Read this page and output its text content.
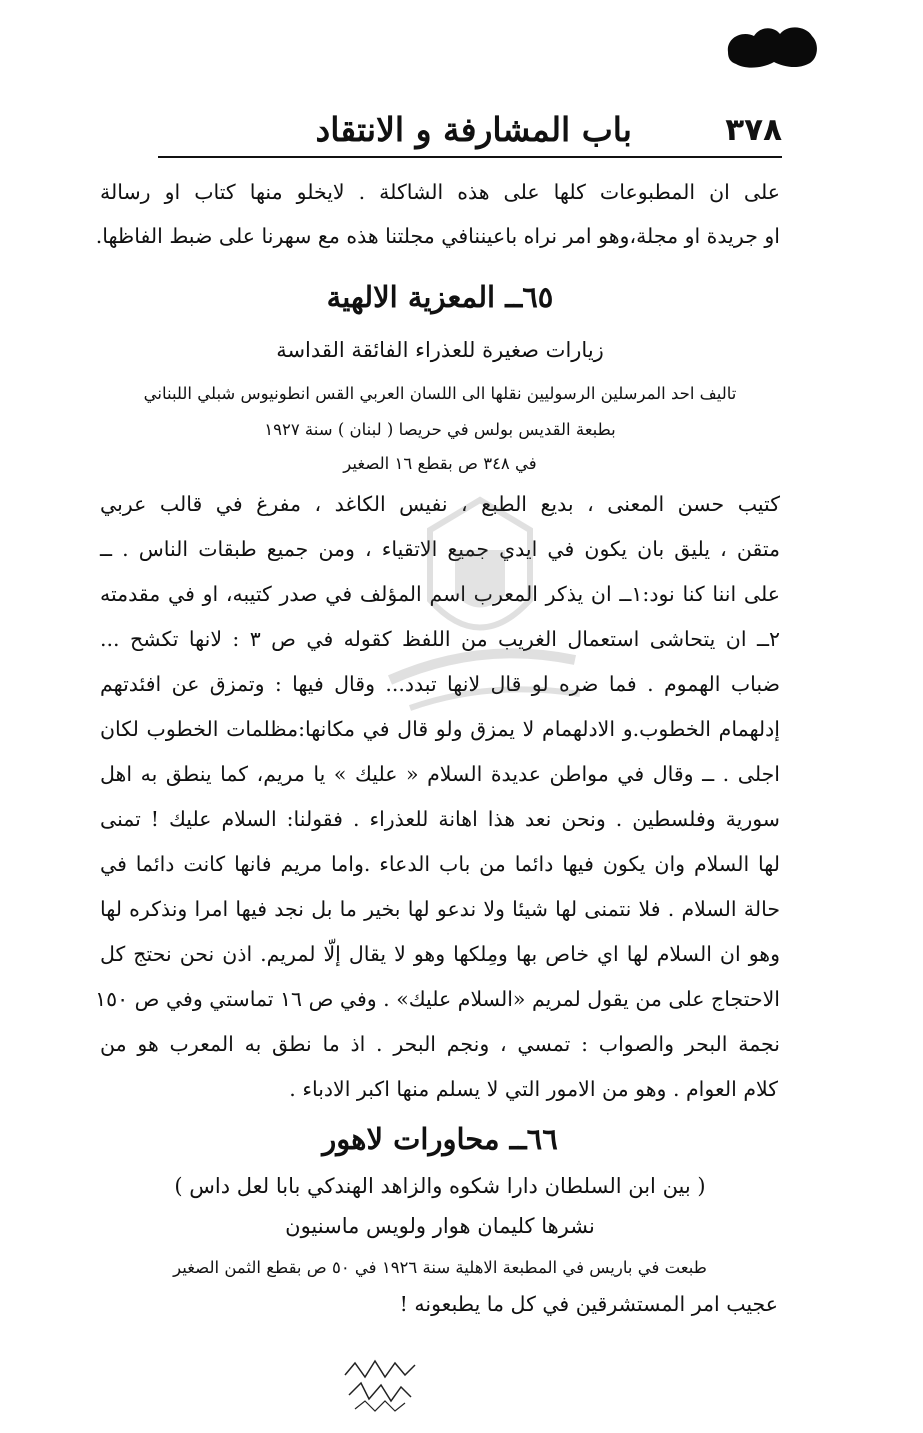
٣٧٨
باب المشارفة و الانتقاد
على ان المطبوعات كلها على هذه الشاكلة . لايخلو منها كتاب او رسالة
او جريدة او مجلة،وهو امر نراه باعيننافي مجلتنا هذه مع سهرنا على ضبط الفاظها.
٦٥ــ المعزية الالهية
زيارات صغيرة للعذراء الفائقة القداسة
تاليف احد المرسلين الرسوليين نقلها الى اللسان العربي القس انطونيوس شبلي اللبناني
بطبعة القديس بولس في حريصا ( لبنان ) سنة ١٩٢٧
في ٣٤٨ ص بقطع ١٦ الصغير
كتيب حسن المعنى ، بديع الطبع ، نفيس الكاغد ، مفرغ في قالب عربي
متقن ، يليق بان يكون في ايدي جميع الاتقياء ، ومن جميع طبقات الناس . ــ
على اننا كنا نود:١ــ ان يذكر المعرب اسم المؤلف في صدر كتيبه، او في مقدمته
٢ــ ان يتحاشى استعمال الغريب من اللفظ كقوله في ص ٣ : لانها تكشح ...
ضباب الهموم . فما ضره لو قال لانها تبدد... وقال فيها : وتمزق عن افئدتهم
إدلهمام الخطوب.و الادلهمام لا يمزق ولو قال في مكانها:مظلمات الخطوب لكان
اجلى . ــ وقال في مواطن عديدة السلام « عليك » يا مريم، كما ينطق به اهل
سورية وفلسطين . ونحن نعد هذا اهانة للعذراء . فقولنا: السلام عليك ! تمنى
لها السلام وان يكون فيها دائما من باب الدعاء .واما مريم فانها كانت دائما في
حالة السلام . فلا نتمنى لها شيئا ولا ندعو لها بخير ما بل نجد فيها امرا ونذكره لها
وهو ان السلام لها اي خاص بها ومِلكها وهو لا يقال إلّا لمريم. اذن نحن نحتج كل
الاحتجاج على من يقول لمريم «السلام عليك» . وفي ص ١٦ تماستي وفي ص ١٥٠
نجمة البحر والصواب : تمسي ، ونجم البحر . اذ ما نطق به المعرب هو من
كلام العوام . وهو من الامور التي لا يسلم منها اكبر الادباء .
٦٦ــ محاورات لاهور
( بين ابن السلطان دارا شكوه والزاهد الهندكي بابا لعل داس )
نشرها كليمان هوار ولويس ماسنيون
طبعت في باريس في المطبعة الاهلية سنة ١٩٢٦ في ٥٠ ص بقطع الثمن الصغير
عجيب امر المستشرقين في كل ما يطبعونه !
